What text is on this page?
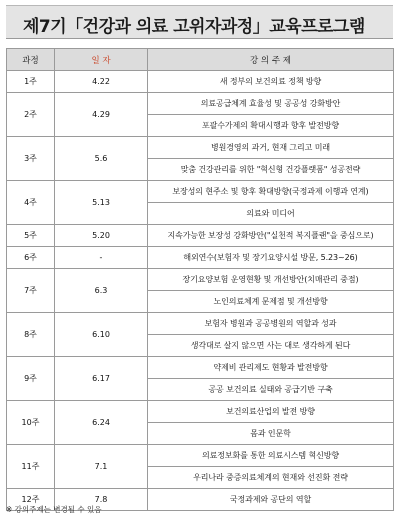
제7기「건강과 의료 고위자과정」교육프로그램
과정	일 자	강 의 주 제
1주	4.22	새 정부의 보건의료 정책 방향
2주	4.29	의료공급체계 효율성 및 공공성 강화방안
		포괄수가제의 확대시행과 향후 발전방향
3주	5.6	병원경영의 과거, 현재 그리고 미래
		맞춤 건강관리를 위한 "혁신형 건강플랫폼" 성공전략
4주	5.13	보장성의 현주소 및 향후 확대방향(국정과제 이행과 연계)
		의료와 미디어
5주	5.20	지속가능한 보장성 강화방안("실천적 복지플랜"을 중심으로)
6주	-	해외연수(보험자 및 장기요양시설 방문, 5.23~26)
7주	6.3	장기요양보험 운영현황 및 개선방안(치매관리 중점)
		노인의료체계 문제점 및 개선방향
8주	6.10	보험자 병원과 공공병원의 역할과 성과
		생각대로 살지 않으면 사는 대로 생각하게 된다
9주	6.17	약제비 관리제도 현황과 발전방향
		공공 보건의료 실태와 공급기반 구축
10주	6.24	보건의료산업의 발전 방향
		몸과 인문학
11주	7.1	의료정보화를 통한 의료시스템 혁신방향
		우리나라 중증의료체계의 현재와 선진화 전략
12주	7.8	국정과제와 공단의 역할
※ 강의주제는 변경될 수 있음
